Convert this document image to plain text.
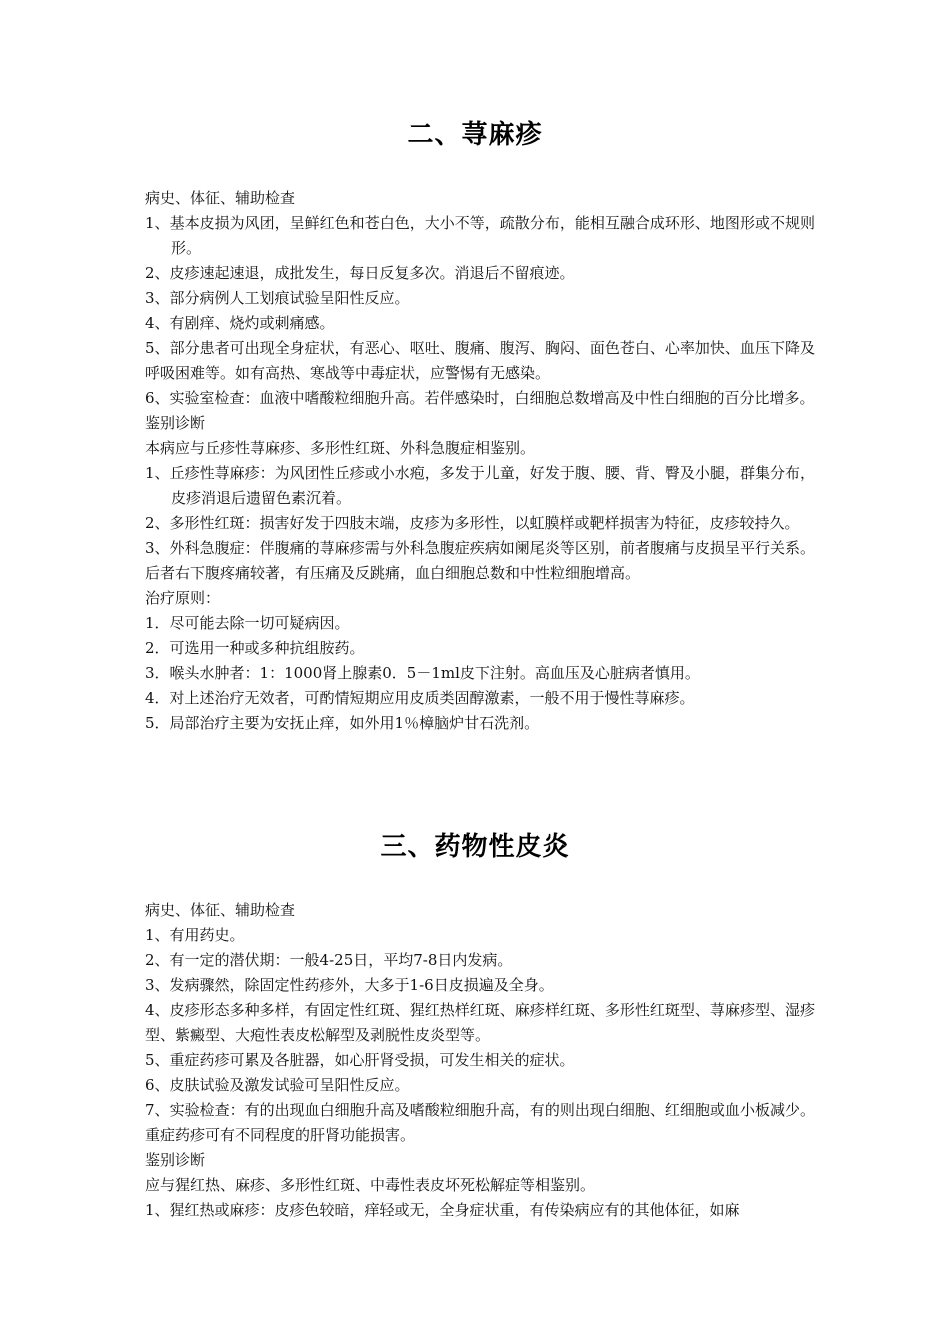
二、荨麻疹

病史、体征、辅助检查

1、基本皮损为风团，呈鲜红色和苍白色，大小不等，疏散分布，能相互融合成环形、地图形或不规则形。

2、皮疹速起速退，成批发生，每日反复多次。消退后不留痕迹。

3、部分病例人工划痕试验呈阳性反应。

4、有剧痒、烧灼或刺痛感。

5、部分患者可出现全身症状，有恶心、呕吐、腹痛、腹泻、胸闷、面色苍白、心率加快、血压下降及呼吸困难等。如有高热、寒战等中毒症状，应警惕有无感染。

6、实验室检查：血液中嗜酸粒细胞升高。若伴感染时，白细胞总数增高及中性白细胞的百分比增多。

鉴别诊断

本病应与丘疹性荨麻疹、多形性红斑、外科急腹症相鉴别。

1、丘疹性荨麻疹：为风团性丘疹或小水疱，多发于儿童，好发于腹、腰、背、臀及小腿，群集分布，皮疹消退后遗留色素沉着。

2、多形性红斑：损害好发于四肢末端，皮疹为多形性，以虹膜样或靶样损害为特征，皮疹较持久。

3、外科急腹症：伴腹痛的荨麻疹需与外科急腹症疾病如阑尾炎等区别，前者腹痛与皮损呈平行关系。后者右下腹疼痛较著，有压痛及反跳痛，血白细胞总数和中性粒细胞增高。

治疗原则：

1．尽可能去除一切可疑病因。

2．可选用一种或多种抗组胺药。

3．喉头水肿者：1：1000肾上腺素0．5－1ml皮下注射。高血压及心脏病者慎用。

4．对上述治疗无效者，可酌情短期应用皮质类固醇激素，一般不用于慢性荨麻疹。

5．局部治疗主要为安抚止痒，如外用1％樟脑炉甘石洗剂。

三、药物性皮炎

病史、体征、辅助检查

1、有用药史。

2、有一定的潜伏期：一般4-25日，平均7-8日内发病。

3、发病骤然，除固定性药疹外，大多于1-6日皮损遍及全身。

4、皮疹形态多种多样，有固定性红斑、猩红热样红斑、麻疹样红斑、多形性红斑型、荨麻疹型、湿疹型、紫癜型、大疱性表皮松解型及剥脱性皮炎型等。

5、重症药疹可累及各脏器，如心肝肾受损，可发生相关的症状。

6、皮肤试验及激发试验可呈阳性反应。

7、实验检查：有的出现血白细胞升高及嗜酸粒细胞升高，有的则出现白细胞、红细胞或血小板减少。重症药疹可有不同程度的肝肾功能损害。

鉴别诊断

应与猩红热、麻疹、多形性红斑、中毒性表皮坏死松解症等相鉴别。

1、猩红热或麻疹：皮疹色较暗，痒轻或无，全身症状重，有传染病应有的其他体征，如麻
